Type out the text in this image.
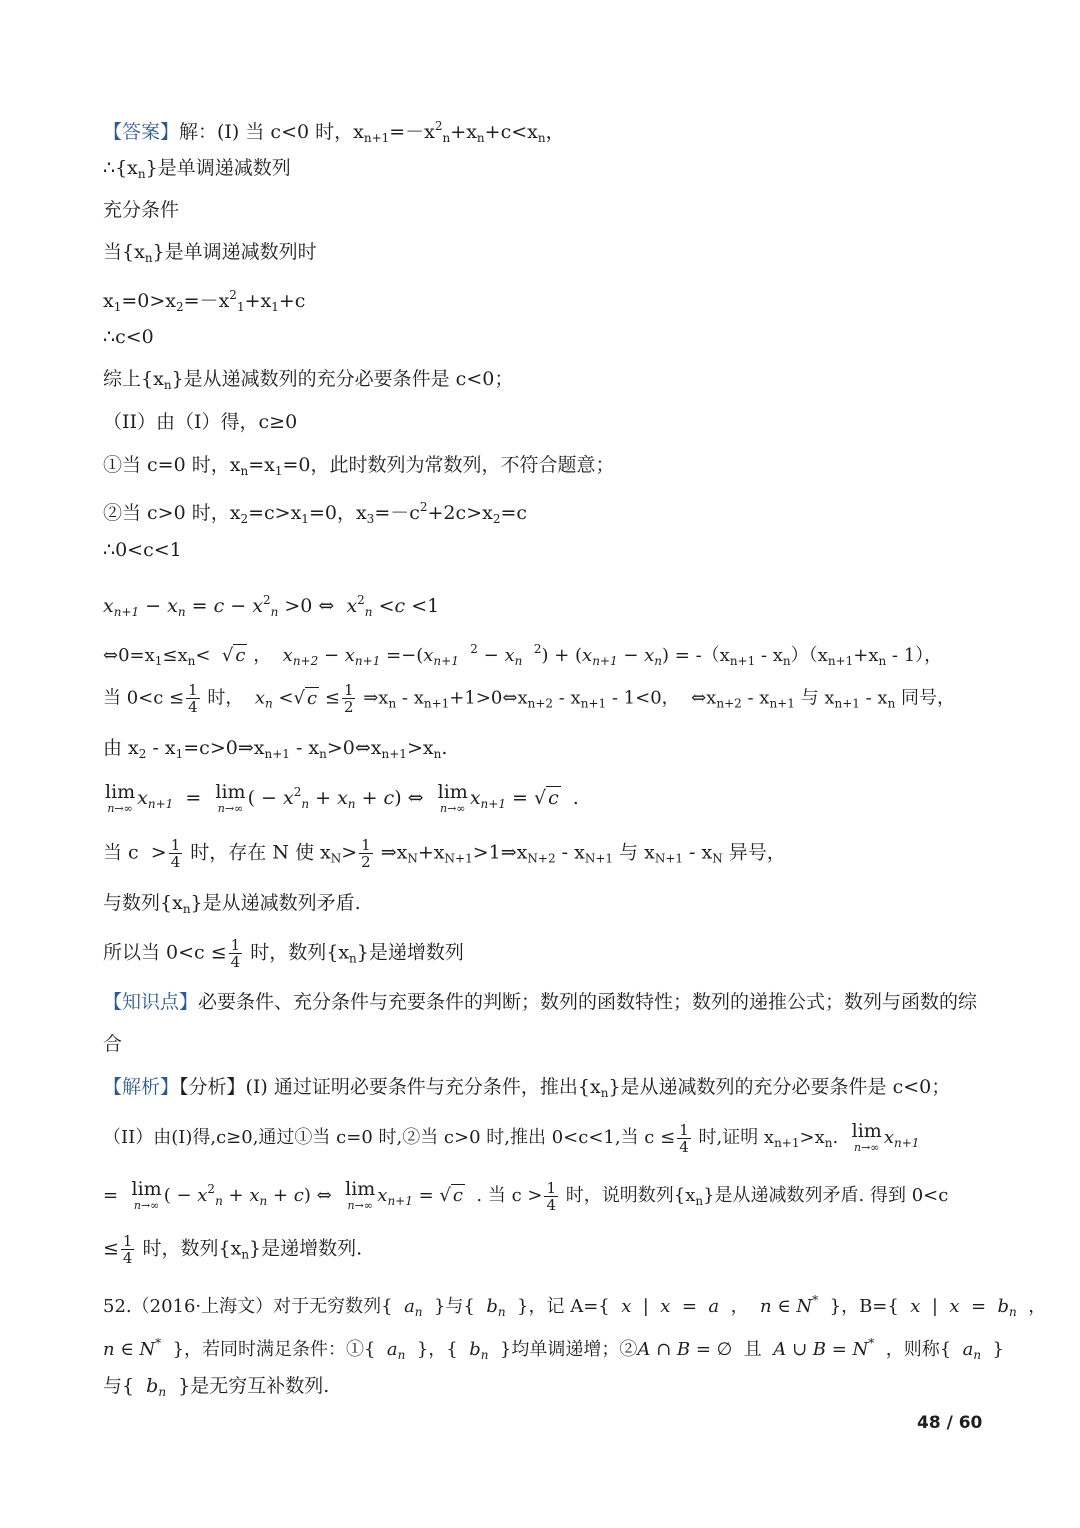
【答案】解：(I) 当 c<0 时，$x_{n+1}=-x^2_n+x_n+c<x_n$，
$\therefore\{x_n\}$是单调递减数列
充分条件
当$\{x_n\}$是单调递减数列时
$x_1=0>x_2=-x^2_1+x_1+c$
∴c<0
综上$\{x_n\}$是从递减数列的充分必要条件是 c<0；
（II）由（I）得，c≥0
①当 c=0 时，$x_n=x_1=0$，此时数列为常数列，不符合题意；
②当 c>0 时，$x_2=c>x_1=0$，$x_3=-c^2+2c>x_2=c$
∴0<c<1
$x_{n+1} - x_n = c - x^2_n >0$ ⇔  $x^2_n <c <1$
$\Leftrightarrow 0=x_1\le x_n<$  √ c ，  $x_{n+2} - x_{n+1} =-(x_{n+1}$  $^2 - x_n$  $^2) + (x_{n+1} - x_n) = -(x_{n+1} - x_n)(x_{n+1}+x_n - 1)$，
当 $0<c \le \frac{1}{4}$ 时，  $x_n$ <√ $c \le \frac{1}{2}$ $\Rightarrow x_n$ - $x_{n+1}+1>0\Leftrightarrow x_{n+2} - x_{n+1} - 1<0$，  $\Leftrightarrow x_{n+2} - x_{n+1}$ 与 $x_{n+1} - x_n$ 同号，
由 $x_2$ - $x_1=c>0\Rightarrow x_{n+1}$ - $x_n>0\Leftrightarrow x_{n+1}>x_n$.
lim
n→∞ $x_{n+1} = \lim$
n→∞ ( − $x^2_n + x_n + c$) ⇔ lim
n→∞ $x_{n+1}$ = √ c  .
当 $c > \frac{1}{4}$ 时，存在 N 使 $x_N> \frac{1}{2}$ $\Rightarrow x_N+x_{N+1}>1\Rightarrow x_{N+2} - x_{N+1}$ 与 $x_{N+1} - x_N$ 异号，
与数列$\{x_n\}$是从递减数列矛盾.
所以当 $0<c \le \frac{1}{4}$ 时，数列$\{x_n\}$是递增数列
【知识点】必要条件、充分条件与充要条件的判断；数列的函数特性；数列的递推公式；数列与函数的综
合
【解析】【分析】(I) 通过证明必要条件与充分条件，推出$\{x_n\}$是从递减数列的充分必要条件是 c<0；
（II）由(I)得,c≥0,通过①当 c=0 时,②当 c>0 时,推出 0<c<1,当 $c \le \frac{1}{4}$ 时,证明 $x_{n+1}>x_n$. lim
n→∞ $x_{n+1}$
= lim
n→∞ ( − $x^2_n + x_n + c$) ⇔ lim
n→∞ $x_{n+1}$ = √ c  . 当 $c > \frac{1}{4}$ 时，说明数列$\{x_n\}$是从递减数列矛盾. 得到 0<c
≤ $\frac{1}{4}$ 时，数列$\{x_n\}$是递增数列.
52.（2016·上海文）对于无穷数列{  $a_n$  }与{  $b_n$  }，记 A={  x  |  x  =  a  ，  n ∈ N*  }，B={  x  |  $x = b_n$  ，
n ∈ N*  }，若同时满足条件：①{  $a_n$  }，{  $b_n$  }均单调递增；②A ∩ B = ∅  且  A ∪ B = N*  ，则称{  $a_n$  }
与{  $b_n$  }是无穷互补数列.
48 / 60
